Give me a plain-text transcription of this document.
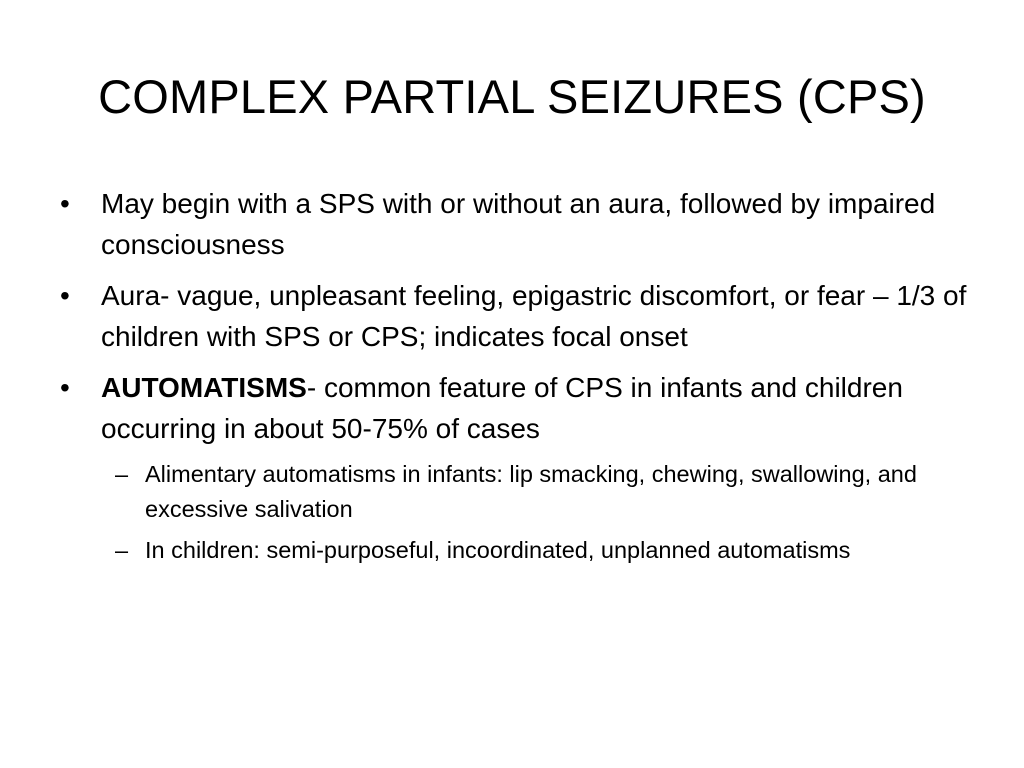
COMPLEX PARTIAL SEIZURES (CPS)
• May begin with a SPS with or without an aura, followed by impaired consciousness
• Aura- vague, unpleasant feeling, epigastric discomfort, or fear – 1/3 of children with SPS or CPS; indicates focal onset
• AUTOMATISMS- common feature of CPS in infants and children occurring in about 50-75% of cases
– Alimentary automatisms in infants: lip smacking, chewing, swallowing, and excessive salivation
– In children: semi-purposeful, incoordinated, unplanned automatisms
